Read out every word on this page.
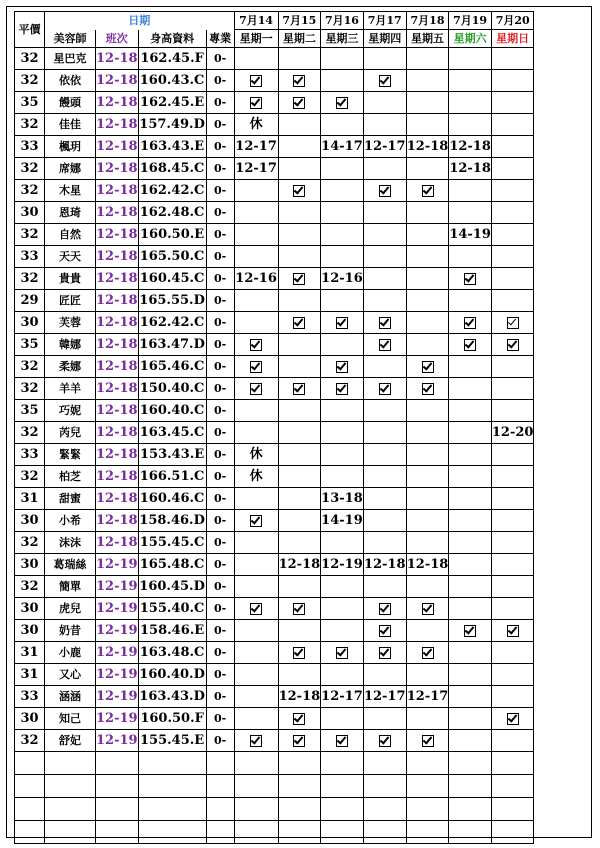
平價	日期				7月14	7月15	7月16	7月17	7月18	7月19	7月20
	美容師	班次	身高資料	專業	星期一	星期二	星期三	星期四	星期五	星期六	星期日
32	星巴克	12-18	162.45.F	0-							
32	依依	12-18	160.43.C	0-							
35	饅頭	12-18	162.45.E	0-							
32	佳佳	12-18	157.49.D	0-	休						
33	楓玥	12-18	163.43.E	0-	12-17		14-17	12-17	12-18	12-18	
32	席娜	12-18	168.45.C	0-	12-17					12-18	
32	木星	12-18	162.42.C	0-							
30	恩琦	12-18	162.48.C	0-							
32	自然	12-18	160.50.E	0-						14-19	
33	天天	12-18	165.50.C	0-							
32	貴貴	12-18	160.45.C	0-	12-16		12-16				
29	匠匠	12-18	165.55.D	0-							
30	芙蓉	12-18	162.42.C	0-							
35	韓娜	12-18	163.47.D	0-							
32	柔娜	12-18	165.46.C	0-							
32	羊羊	12-18	150.40.C	0-							
35	巧妮	12-18	160.40.C	0-							
32	芮兒	12-18	163.45.C	0-							12-20
33	緊緊	12-18	153.43.E	0-	休						
32	柏芝	12-18	166.51.C	0-	休						
31	甜蜜	12-18	160.46.C	0-			13-18				
30	小希	12-18	158.46.D	0-			14-19				
32	沫沫	12-18	155.45.C	0-							
30	葛瑞絲	12-19	165.48.C	0-		12-18	12-19	12-18	12-18		
32	簡單	12-19	160.45.D	0-							
30	虎兒	12-19	155.40.C	0-							
30	奶昔	12-19	158.46.E	0-							
31	小鹿	12-19	163.48.C	0-							
31	又心	12-19	160.40.D	0-							
33	涵涵	12-19	163.43.D	0-		12-18	12-17	12-17	12-17		
30	知己	12-19	160.50.F	0-							
32	舒妃	12-19	155.45.E	0-							
